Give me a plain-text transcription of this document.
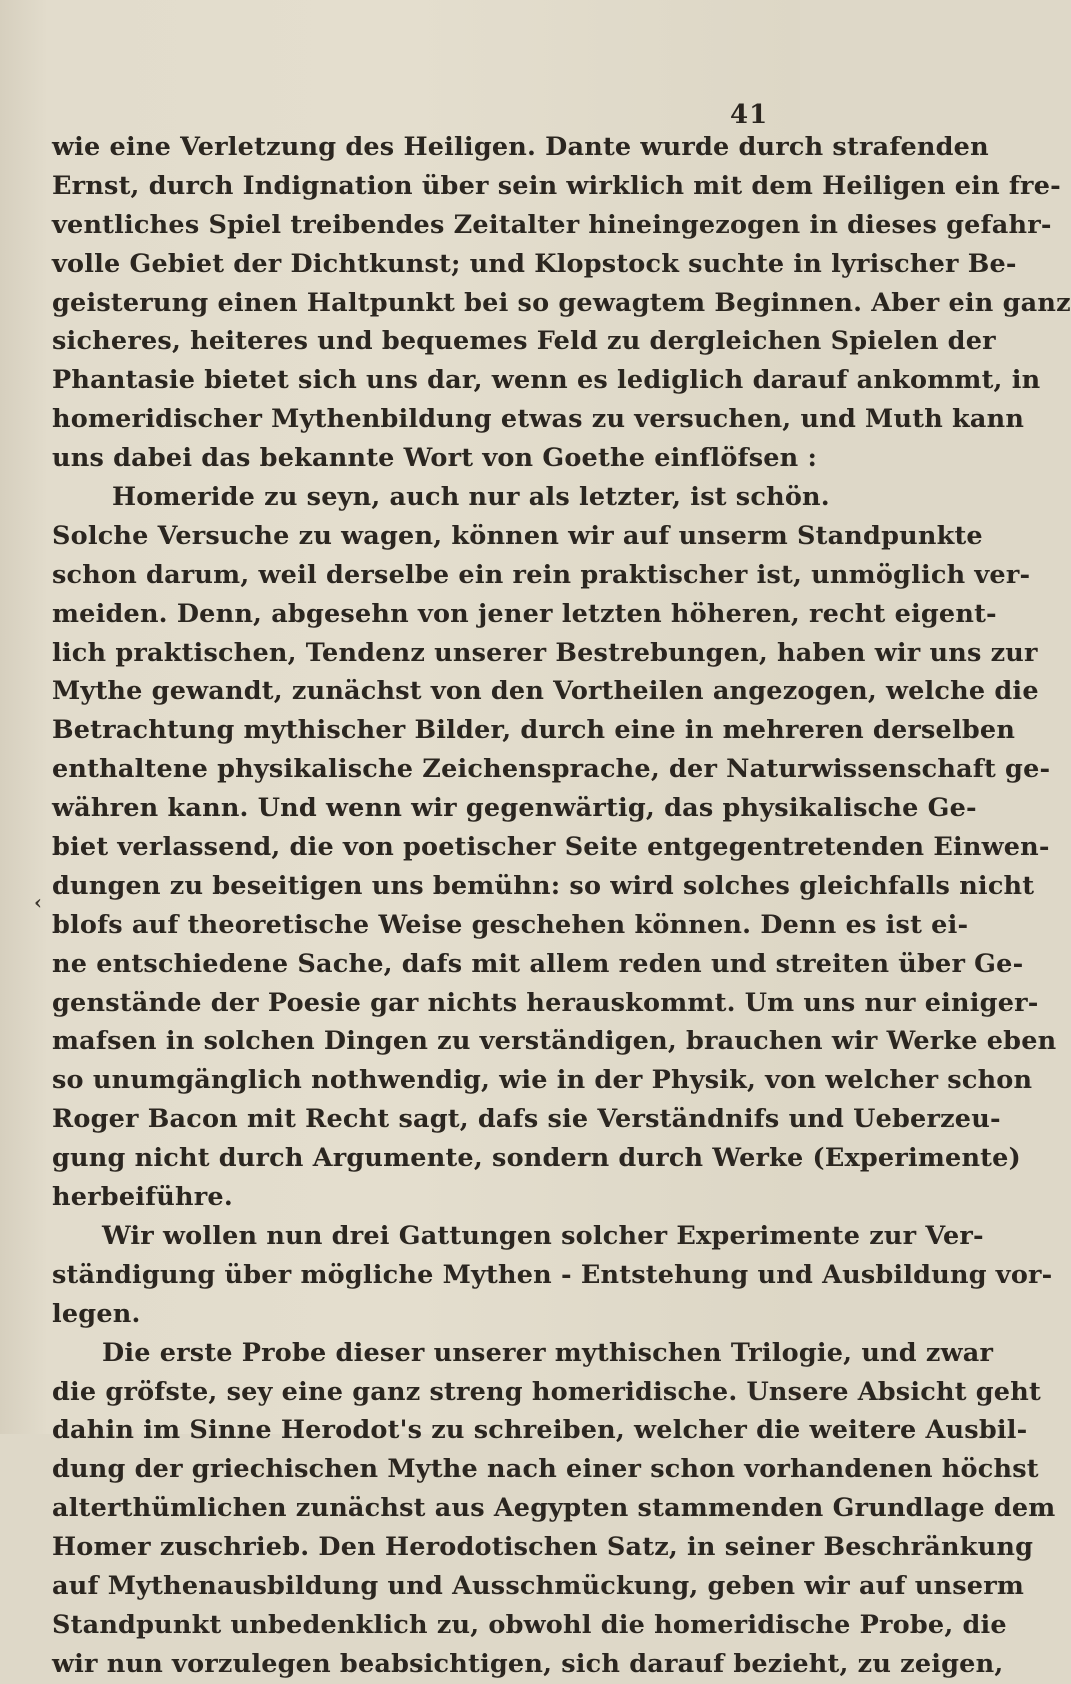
41
‹
wie eine Verletzung des Heiligen. Dante wurde durch strafenden
Ernst, durch Indignation über sein wirklich mit dem Heiligen ein fre-
ventliches Spiel treibendes Zeitalter hineingezogen in dieses gefahr-
volle Gebiet der Dichtkunst; und Klopstock suchte in lyrischer Be-
geisterung einen Haltpunkt bei so gewagtem Beginnen. Aber ein ganz
sicheres, heiteres und bequemes Feld zu dergleichen Spielen der
Phantasie bietet sich uns dar, wenn es lediglich darauf ankommt, in
homeridischer Mythenbildung etwas zu versuchen, und Muth kann
uns dabei das bekannte Wort von Goethe einflöfsen :
Homeride zu seyn, auch nur als letzter, ist schön.
Solche Versuche zu wagen, können wir auf unserm Standpunkte
schon darum, weil derselbe ein rein praktischer ist, unmöglich ver-
meiden. Denn, abgesehn von jener letzten höheren, recht eigent-
lich praktischen, Tendenz unserer Bestrebungen, haben wir uns zur
Mythe gewandt, zunächst von den Vortheilen angezogen, welche die
Betrachtung mythischer Bilder, durch eine in mehreren derselben
enthaltene physikalische Zeichensprache, der Naturwissenschaft ge-
währen kann. Und wenn wir gegenwärtig, das physikalische Ge-
biet verlassend, die von poetischer Seite entgegentretenden Einwen-
dungen zu beseitigen uns bemühn: so wird solches gleichfalls nicht
blofs auf theoretische Weise geschehen können. Denn es ist ei-
ne entschiedene Sache, dafs mit allem reden und streiten über Ge-
genstände der Poesie gar nichts herauskommt. Um uns nur einiger-
mafsen in solchen Dingen zu verständigen, brauchen wir Werke eben
so unumgänglich nothwendig, wie in der Physik, von welcher schon
Roger Bacon mit Recht sagt, dafs sie Verständnifs und Ueberzeu-
gung nicht durch Argumente, sondern durch Werke (Experimente)
herbeiführe.
Wir wollen nun drei Gattungen solcher Experimente zur Ver-
ständigung über mögliche Mythen - Entstehung und Ausbildung vor-
legen.
Die erste Probe dieser unserer mythischen Trilogie, und zwar
die gröfste, sey eine ganz streng homeridische. Unsere Absicht geht
dahin im Sinne Herodot's zu schreiben, welcher die weitere Ausbil-
dung der griechischen Mythe nach einer schon vorhandenen höchst
alterthümlichen zunächst aus Aegypten stammenden Grundlage dem
Homer zuschrieb. Den Herodotischen Satz, in seiner Beschränkung
auf Mythenausbildung und Ausschmückung, geben wir auf unserm
Standpunkt unbedenklich zu, obwohl die homeridische Probe, die
wir nun vorzulegen beabsichtigen, sich darauf bezieht, zu zeigen,
